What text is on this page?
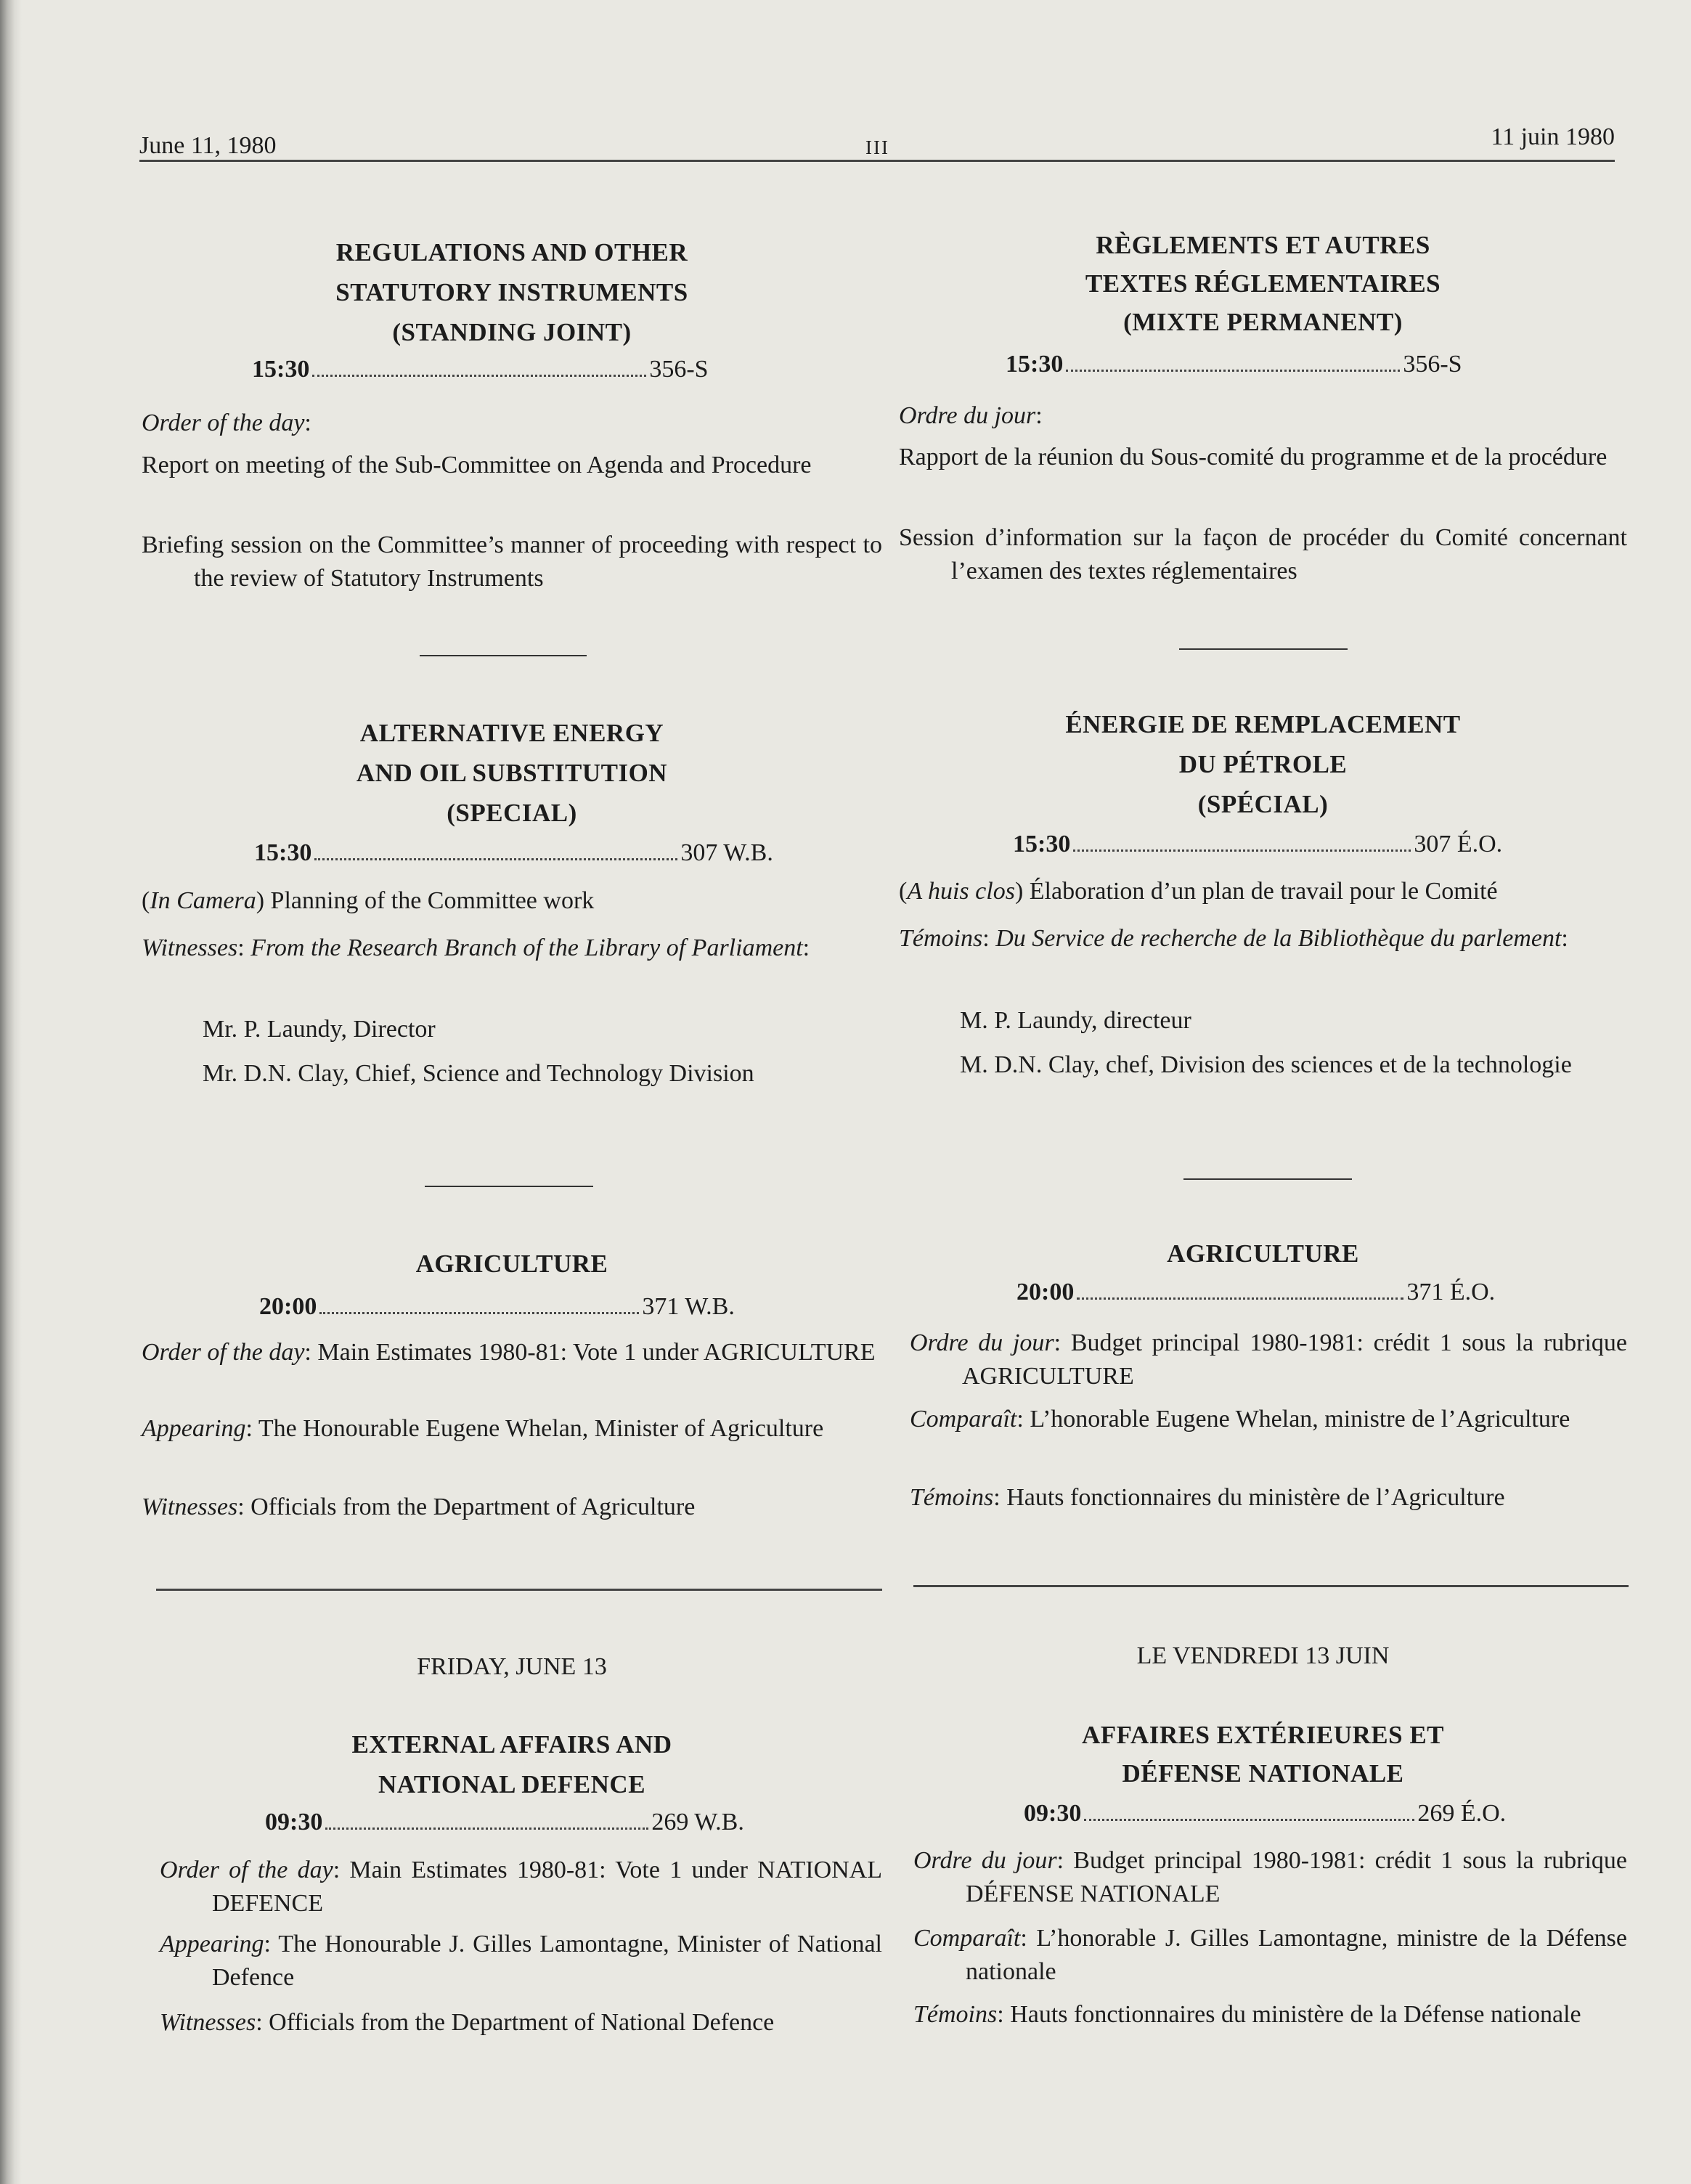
June 11, 1980	III	11 juin 1980

REGULATIONS AND OTHER

STATUTORY INSTRUMENTS

(STANDING JOINT)

15:30	356-S

Order of the day:

Report on meeting of the Sub-Committee on Agenda and Procedure

Briefing session on the Committee’s manner of proceeding with respect to the review of Statutory Instruments

ALTERNATIVE ENERGY

AND OIL SUBSTITUTION

(SPECIAL)

15:30	307 W.B.

(In Camera) Planning of the Committee work

Witnesses: From the Research Branch of the Library of Parliament:

Mr. P. Laundy, Director

Mr. D.N. Clay, Chief, Science and Technology Division

AGRICULTURE

20:00	371 W.B.

Order of the day: Main Estimates 1980-81: Vote 1 under AGRICULTURE

Appearing: The Honourable Eugene Whelan, Minister of Agriculture

Witnesses: Officials from the Department of Agriculture

FRIDAY, JUNE 13

EXTERNAL AFFAIRS AND

NATIONAL DEFENCE

09:30	269 W.B.

Order of the day: Main Estimates 1980-81: Vote 1 under NATIONAL DEFENCE

Appearing: The Honourable J. Gilles Lamontagne, Minister of National Defence

Witnesses: Officials from the Department of National Defence

RÈGLEMENTS ET AUTRES

TEXTES RÉGLEMENTAIRES

(MIXTE PERMANENT)

15:30	356-S

Ordre du jour:

Rapport de la réunion du Sous-comité du programme et de la procédure

Session d’information sur la façon de procéder du Comité concernant l’examen des textes réglementaires

ÉNERGIE DE REMPLACEMENT

DU PÉTROLE

(SPÉCIAL)

15:30	307 É.O.

(A huis clos) Élaboration d’un plan de travail pour le Comité

Témoins: Du Service de recherche de la Bibliothèque du parlement:

M. P. Laundy, directeur

M. D.N. Clay, chef, Division des sciences et de la technologie

AGRICULTURE

20:00	371 É.O.

Ordre du jour: Budget principal 1980-1981: crédit 1 sous la rubrique AGRICULTURE

Comparaît: L’honorable Eugene Whelan, ministre de l’Agriculture

Témoins: Hauts fonctionnaires du ministère de l’Agriculture

LE VENDREDI 13 JUIN

AFFAIRES EXTÉRIEURES ET

DÉFENSE NATIONALE

09:30	269 É.O.

Ordre du jour: Budget principal 1980-1981: crédit 1 sous la rubrique DÉFENSE NATIONALE

Comparaît: L’honorable J. Gilles Lamontagne, ministre de la Défense nationale

Témoins: Hauts fonctionnaires du ministère de la Défense nationale
